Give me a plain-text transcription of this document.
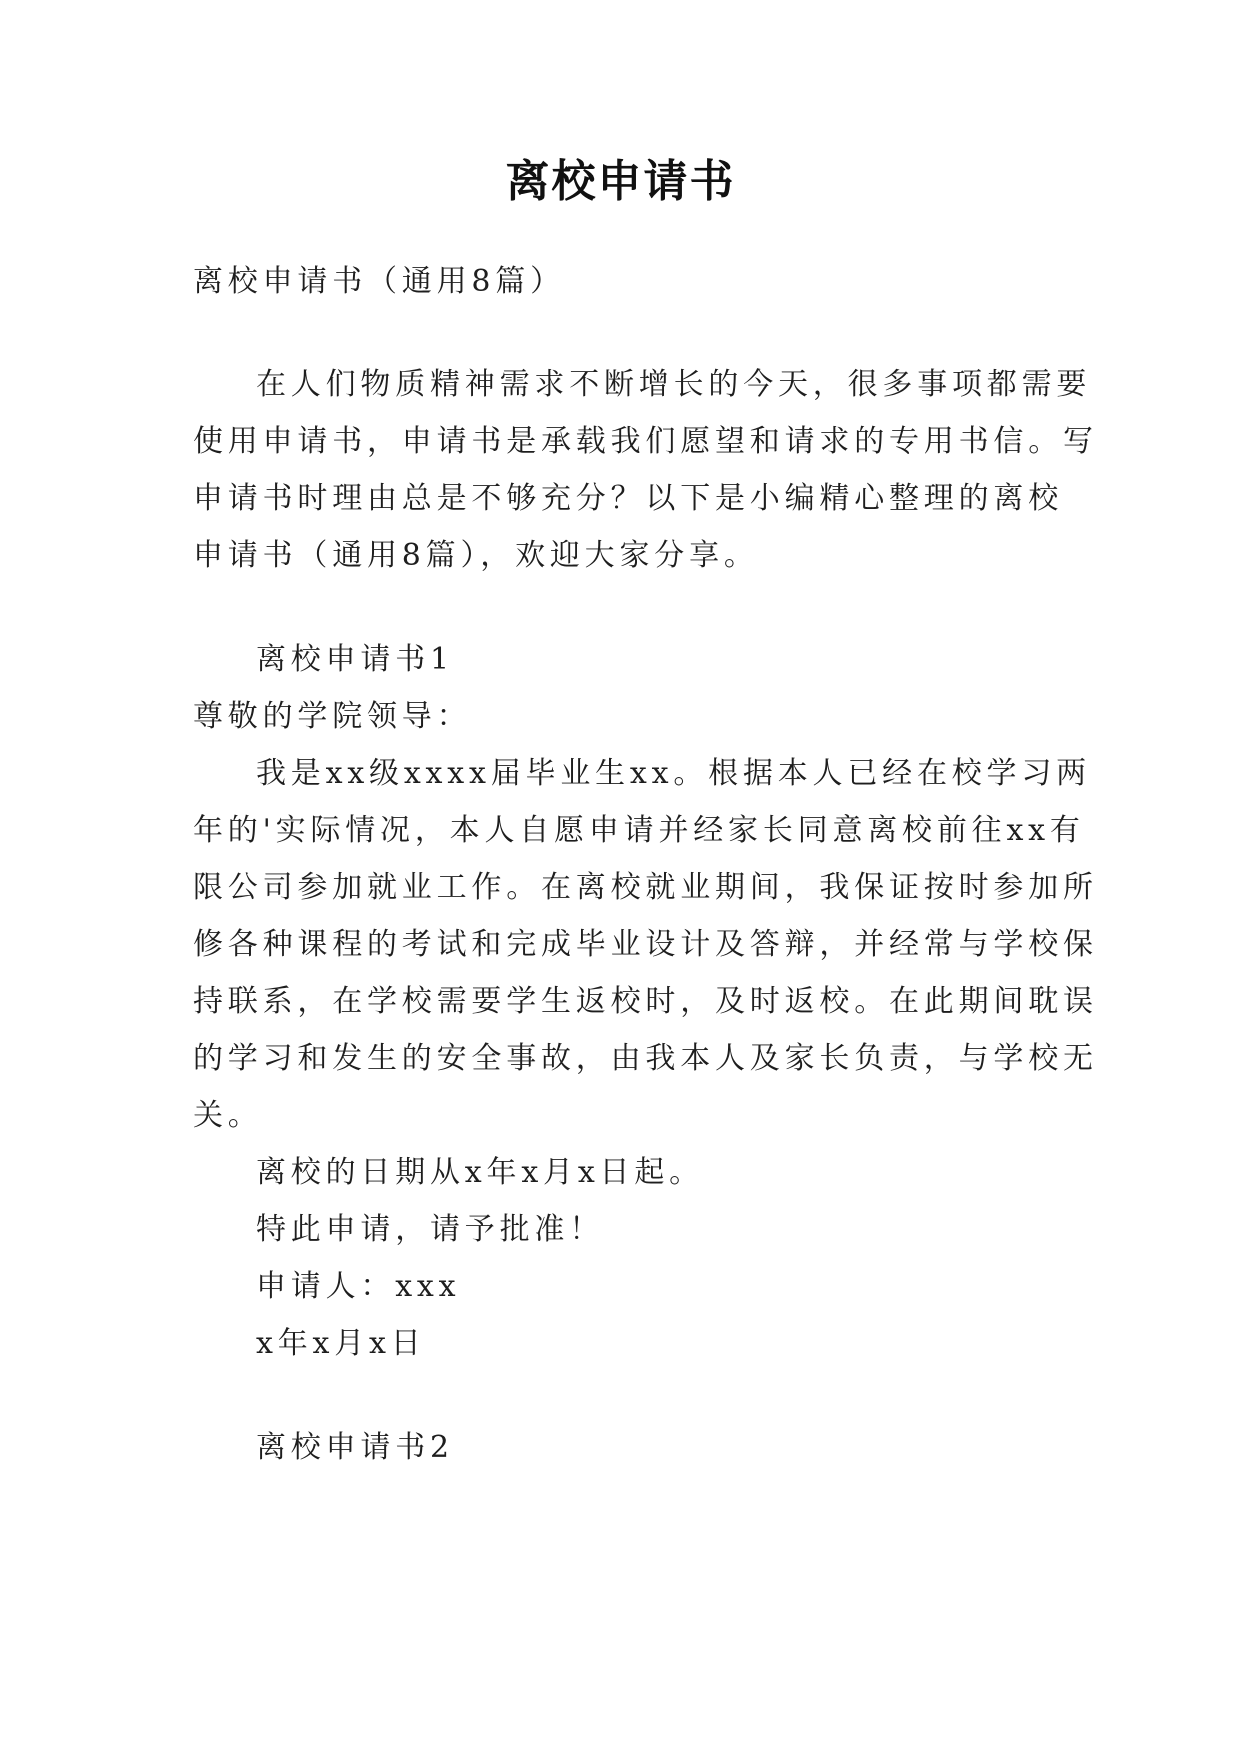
离校申请书
离校申请书（通用8篇）
在人们物质精神需求不断增长的今天，很多事项都需要
使用申请书，申请书是承载我们愿望和请求的专用书信。写
申请书时理由总是不够充分？以下是小编精心整理的离校
申请书（通用8篇），欢迎大家分享。
离校申请书1
尊敬的学院领导：
我是xx级xxxx届毕业生xx。根据本人已经在校学习两
年的'实际情况，本人自愿申请并经家长同意离校前往xx有
限公司参加就业工作。在离校就业期间，我保证按时参加所
修各种课程的考试和完成毕业设计及答辩，并经常与学校保
持联系，在学校需要学生返校时，及时返校。在此期间耽误
的学习和发生的安全事故，由我本人及家长负责，与学校无
关。
离校的日期从x年x月x日起。
特此申请，请予批准！
申请人：xxx
x年x月x日
离校申请书2
